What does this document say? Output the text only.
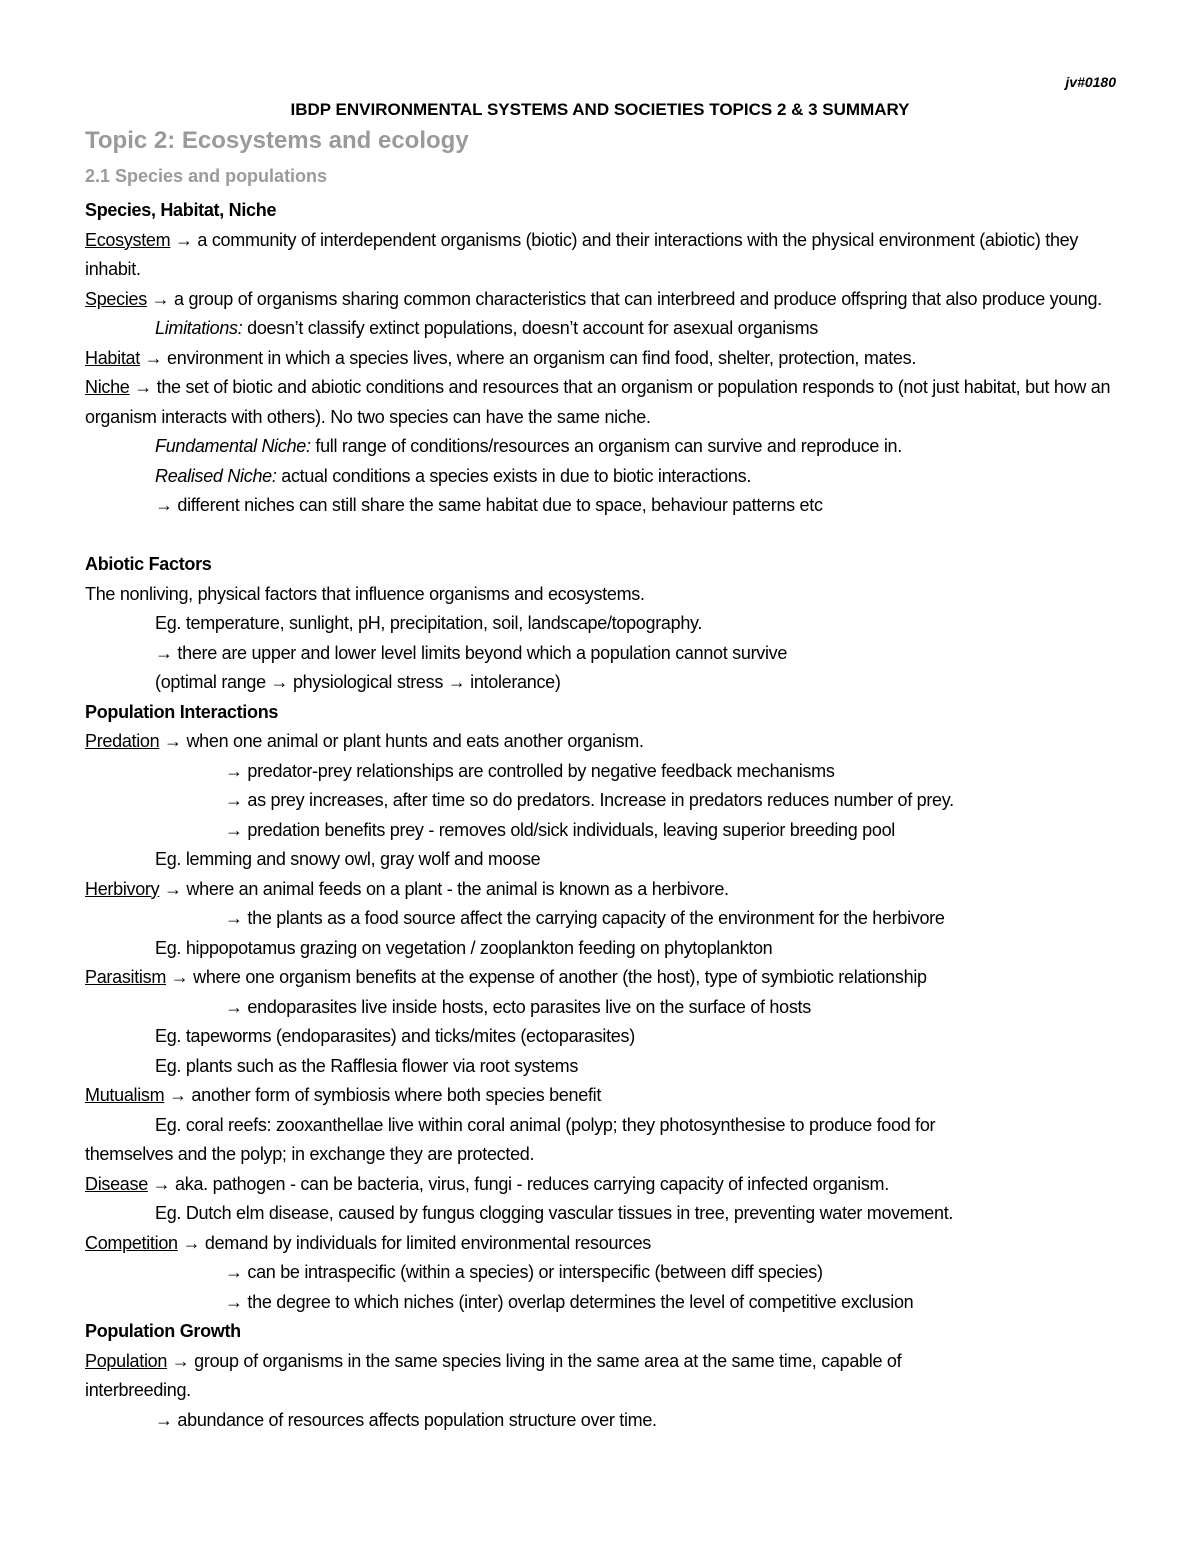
jv#0180
IBDP ENVIRONMENTAL SYSTEMS AND SOCIETIES TOPICS 2 & 3 SUMMARY
Topic 2: Ecosystems and ecology
2.1 Species and populations
Species, Habitat, Niche
Ecosystem → a community of interdependent organisms (biotic) and their interactions with the physical environment (abiotic) they inhabit.
Species → a group of organisms sharing common characteristics that can interbreed and produce offspring that also produce young.
Limitations: doesn’t classify extinct populations, doesn’t account for asexual organisms
Habitat → environment in which a species lives, where an organism can find food, shelter, protection, mates.
Niche → the set of biotic and abiotic conditions and resources that an organism or population responds to (not just habitat, but how an organism interacts with others). No two species can have the same niche.
Fundamental Niche: full range of conditions/resources an organism can survive and reproduce in.
Realised Niche: actual conditions a species exists in due to biotic interactions.
→ different niches can still share the same habitat due to space, behaviour patterns etc
Abiotic Factors
The nonliving, physical factors that influence organisms and ecosystems.
Eg. temperature, sunlight, pH, precipitation, soil, landscape/topography.
→ there are upper and lower level limits beyond which a population cannot survive
(optimal range → physiological stress → intolerance)
Population Interactions
Predation → when one animal or plant hunts and eats another organism.
→ predator-prey relationships are controlled by negative feedback mechanisms
→ as prey increases, after time so do predators. Increase in predators reduces number of prey.
→ predation benefits prey - removes old/sick individuals, leaving superior breeding pool
Eg. lemming and snowy owl, gray wolf and moose
Herbivory → where an animal feeds on a plant - the animal is known as a herbivore.
→ the plants as a food source affect the carrying capacity of the environment for the herbivore
Eg. hippopotamus grazing on vegetation / zooplankton feeding on phytoplankton
Parasitism → where one organism benefits at the expense of another (the host), type of symbiotic relationship
→ endoparasites live inside hosts, ecto parasites live on the surface of hosts
Eg. tapeworms (endoparasites) and ticks/mites (ectoparasites)
Eg. plants such as the Rafflesia flower via root systems
Mutualism → another form of symbiosis where both species benefit
Eg. coral reefs: zooxanthellae live within coral animal (polyp; they photosynthesise to produce food for
themselves and the polyp; in exchange they are protected.
Disease → aka. pathogen - can be bacteria, virus, fungi - reduces carrying capacity of infected organism.
Eg. Dutch elm disease, caused by fungus clogging vascular tissues in tree, preventing water movement.
Competition → demand by individuals for limited environmental resources
→ can be intraspecific (within a species) or interspecific (between diff species)
→ the degree to which niches (inter) overlap determines the level of competitive exclusion
Population Growth
Population → group of organisms in the same species living in the same area at the same time, capable of
interbreeding.
→ abundance of resources affects population structure over time.
